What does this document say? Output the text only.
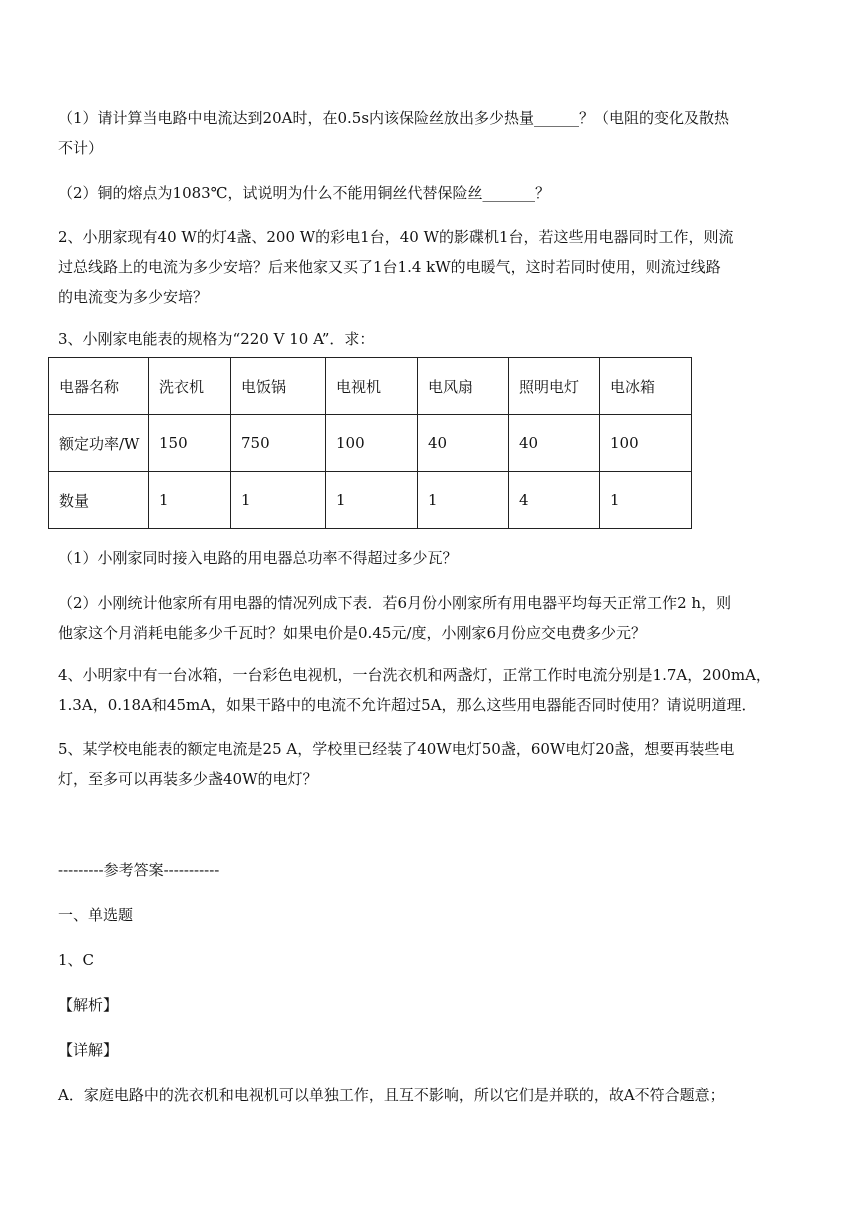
（1）请计算当电路中电流达到20A时，在0.5s内该保险丝放出多少热量______？（电阻的变化及散热

不计）

（2）铜的熔点为1083℃，试说明为什么不能用铜丝代替保险丝_______？

2、小朋家现有40 W的灯4盏、200 W的彩电1台，40 W的影碟机1台，若这些用电器同时工作，则流

过总线路上的电流为多少安培？后来他家又买了1台1.4 kW的电暖气，这时若同时使用，则流过线路

的电流变为多少安培？

3、小刚家电能表的规格为“220 V 10 A”．求：

电器名称	洗衣机	电饭锅	电视机	电风扇	照明电灯	电冰箱
额定功率/W	150	750	100	40	40	100
数量	1	1	1	1	4	1

（1）小刚家同时接入电路的用电器总功率不得超过多少瓦？

（2）小刚统计他家所有用电器的情况列成下表．若6月份小刚家所有用电器平均每天正常工作2 h，则

他家这个月消耗电能多少千瓦时？如果电价是0.45元/度，小刚家6月份应交电费多少元？

4、小明家中有一台冰箱，一台彩色电视机，一台洗衣机和两盏灯，正常工作时电流分别是1.7A，200mA，

1.3A，0.18A和45mA，如果干路中的电流不允许超过5A，那么这些用电器能否同时使用？请说明道理．

5、某学校电能表的额定电流是25 A，学校里已经装了40W电灯50盏，60W电灯20盏，想要再装些电

灯，至多可以再装多少盏40W的电灯？

---------参考答案-----------

一、单选题

1、C

【解析】

【详解】

A．家庭电路中的洗衣机和电视机可以单独工作，且互不影响，所以它们是并联的，故A不符合题意；
